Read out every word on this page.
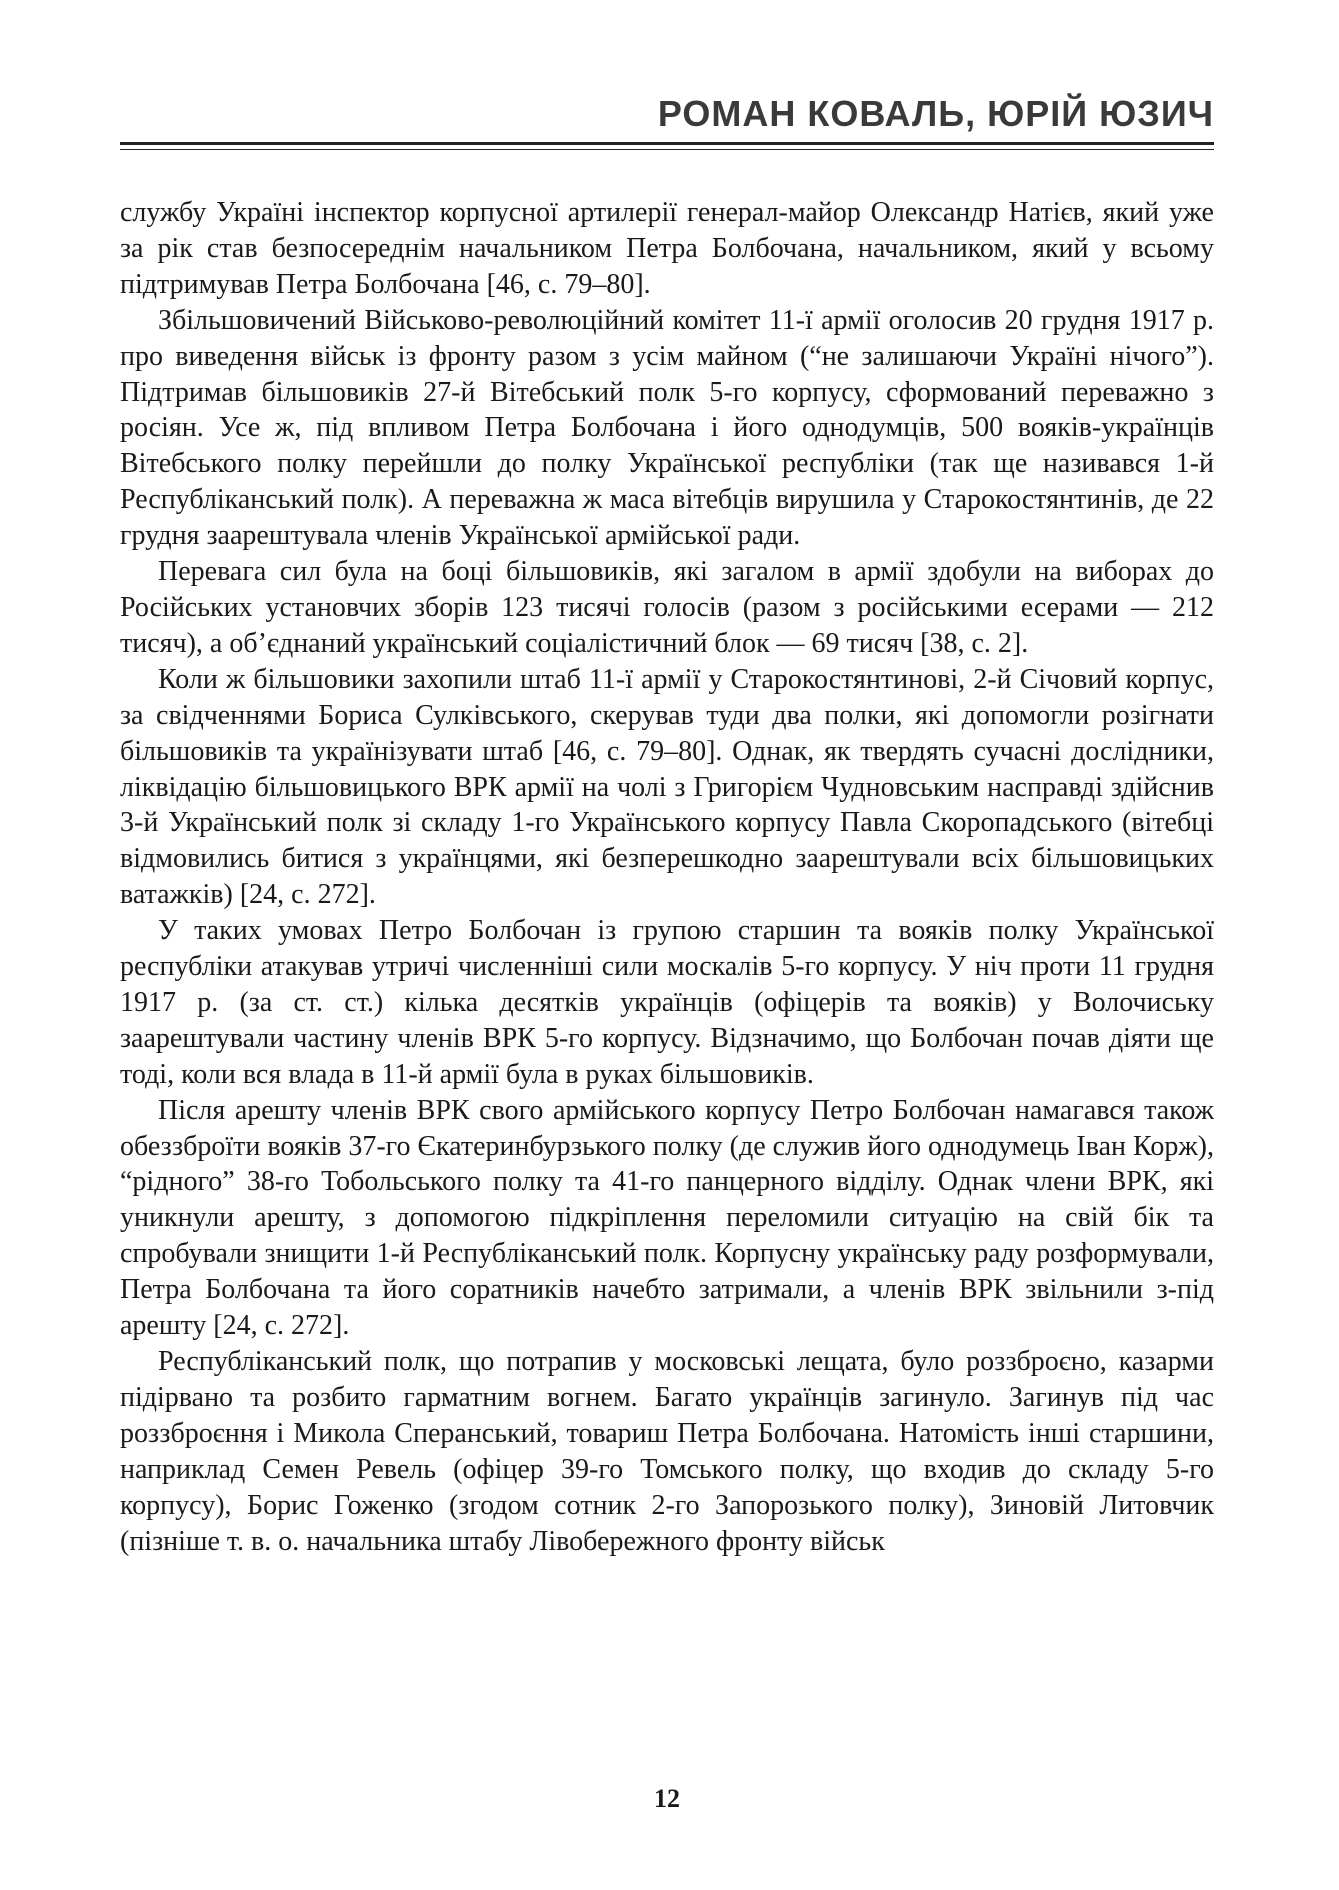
РОМАН КОВАЛЬ, ЮРІЙ ЮЗИЧ

службу Україні інспектор корпусної артилерії генерал-майор Олександр Натієв, який уже за рік став безпосереднім начальником Петра Болбочана, начальником, який у всьому підтримував Петра Болбочана [46, с. 79–80].

Збільшовичений Військово-революційний комітет 11-ї армії оголосив 20 грудня 1917 р. про виведення військ із фронту разом з усім майном (“не залишаючи Україні нічого”). Підтримав більшовиків 27-й Вітебський полк 5-го корпусу, сформований переважно з росіян. Усе ж, під впливом Петра Болбочана і його однодумців, 500 вояків-українців Вітебського полку перейшли до полку Української республіки (так ще називався 1-й Республіканський полк). А переважна ж маса вітебців вирушила у Старокостянтинів, де 22 грудня заарештувала членів Української армійської ради.

Перевага сил була на боці більшовиків, які загалом в армії здобули на виборах до Російських установчих зборів 123 тисячі голосів (разом з російськими есерами — 212 тисяч), а об’єднаний український соціалістичний блок — 69 тисяч [38, с. 2].

Коли ж більшовики захопили штаб 11-ї армії у Старокостянтинові, 2-й Січовий корпус, за свідченнями Бориса Сулківського, скерував туди два полки, які допомогли розігнати більшовиків та українізувати штаб [46, с. 79–80]. Однак, як твердять сучасні дослідники, ліквідацію більшовицького ВРК армії на чолі з Григорієм Чудновським насправді здійснив 3-й Український полк зі складу 1-го Українського корпусу Павла Скоропадського (вітебці відмовились битися з українцями, які безперешкодно заарештували всіх більшовицьких ватажків) [24, с. 272].

У таких умовах Петро Болбочан із групою старшин та вояків полку Української республіки атакував утричі численніші сили москалів 5-го корпусу. У ніч проти 11 грудня 1917 р. (за ст. ст.) кілька десятків українців (офіцерів та вояків) у Волочиську заарештували частину членів ВРК 5-го корпусу. Відзначимо, що Болбочан почав діяти ще тоді, коли вся влада в 11-й армії була в руках більшовиків.

Після арешту членів ВРК свого армійського корпусу Петро Болбочан намагався також обеззброїти вояків 37-го Єкатеринбурзького полку (де служив його однодумець Іван Корж), “рідного” 38-го Тобольського полку та 41-го панцерного відділу. Однак члени ВРК, які уникнули арешту, з допомогою підкріплення переломили ситуацію на свій бік та спробували знищити 1-й Республіканський полк. Корпусну українську раду розформували, Петра Болбочана та його соратників начебто затримали, а членів ВРК звільнили з-під арешту [24, с. 272].

Республіканський полк, що потрапив у московські лещата, було роззброєно, казарми підірвано та розбито гарматним вогнем. Багато українців загинуло. Загинув під час роззброєння і Микола Сперанський, товариш Петра Болбочана. Натомість інші старшини, наприклад Семен Ревель (офіцер 39-го Томського полку, що входив до складу 5-го корпусу), Борис Гоженко (згодом сотник 2-го Запорозького полку), Зиновій Литовчик (пізніше т. в. о. начальника штабу Лівобережного фронту військ

12
